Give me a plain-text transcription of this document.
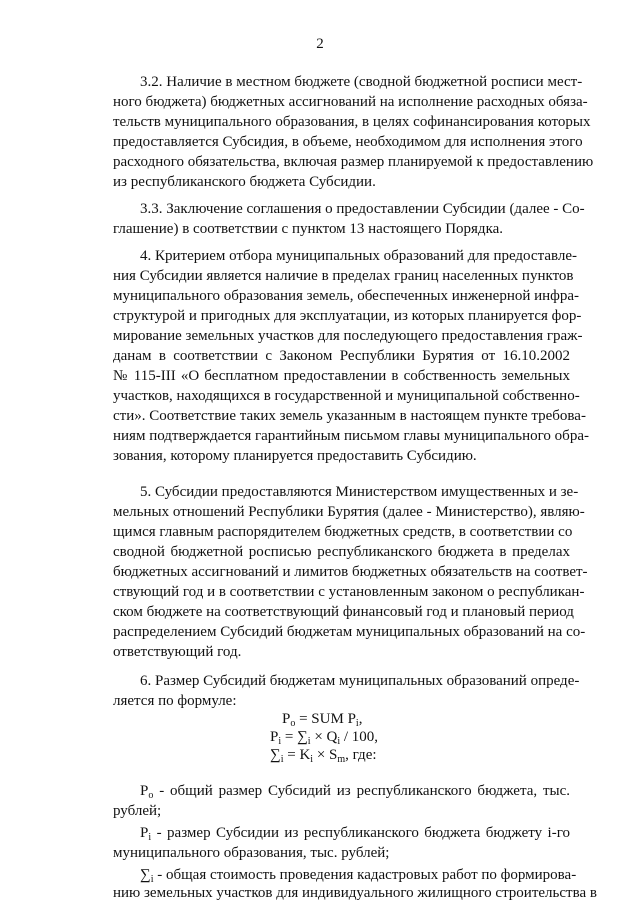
2
3.2. Наличие в местном бюджете (сводной бюджетной росписи мест-
ного бюджета) бюджетных ассигнований на исполнение расходных обяза-
тельств муниципального образования, в целях софинансирования которых
предоставляется Субсидия, в объеме, необходимом для исполнения этого
расходного обязательства, включая размер планируемой к предоставлению
из республиканского бюджета Субсидии.
3.3. Заключение соглашения о предоставлении Субсидии (далее - Со-
глашение) в соответствии с пунктом 13 настоящего Порядка.
4. Критерием отбора муниципальных образований для предоставле-
ния Субсидии является наличие в пределах границ населенных пунктов
муниципального образования земель, обеспеченных инженерной инфра-
структурой и пригодных для эксплуатации, из которых планируется фор-
мирование земельных участков для последующего предоставления граж-
данам в соответствии с Законом Республики Бурятия от 16.10.2002
№ 115-III «О бесплатном предоставлении в собственность земельных
участков, находящихся в государственной и муниципальной собственно-
сти». Соответствие таких земель указанным в настоящем пункте требова-
ниям подтверждается гарантийным письмом главы муниципального обра-
зования, которому планируется предоставить Субсидию.
5. Субсидии предоставляются Министерством имущественных и зе-
мельных отношений Республики Бурятия (далее - Министерство), являю-
щимся главным распорядителем бюджетных средств, в соответствии со
сводной бюджетной росписью республиканского бюджета в пределах
бюджетных ассигнований и лимитов бюджетных обязательств на соответ-
ствующий год и в соответствии с установленным законом о республикан-
ском бюджете на соответствующий финансовый год и плановый период
распределением Субсидий бюджетам муниципальных образований на со-
ответствующий год.
6. Размер Субсидий бюджетам муниципальных образований опреде-
ляется по формуле:
$P_o$ = SUM $P_i$,
$P_i = \sum_i \times Q_i / 100$,
$\sum_i = K_i \times S_m$, где:
$P_o$ - общий размер Субсидий из республиканского бюджета, тыс.
рублей;
$P_i$ - размер Субсидии из республиканского бюджета бюджету i-го
муниципального образования, тыс. рублей;
$\sum_i$ - общая стоимость проведения кадастровых работ по формирова-
нию земельных участков для индивидуального жилищного строительства в
